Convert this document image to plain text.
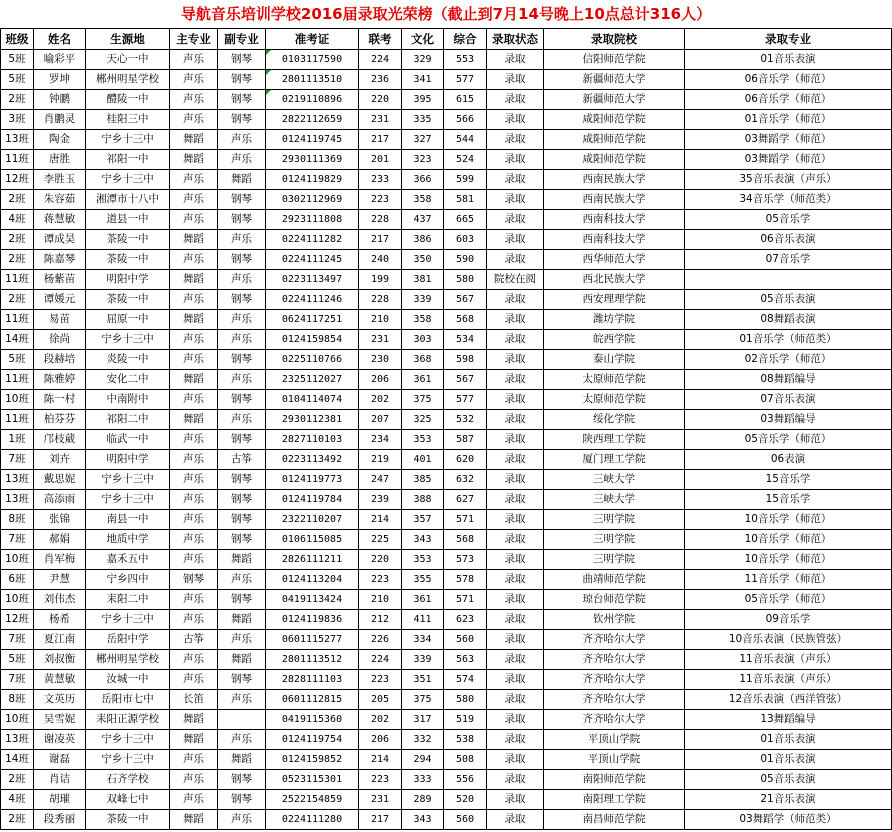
导航音乐培训学校2016届录取光荣榜（截止到7月14号晚上10点总计316人）
班级	姓名	生源地	主专业	副专业	准考证	联考	文化	综合	录取状态	录取院校	录取专业
5班	喻彩平	天心一中	声乐	钢琴	0103117590	224	329	553	录取	信阳师范学院	01音乐表演
5班	罗坤	郴州明星学校	声乐	钢琴	2801113510	236	341	577	录取	新疆师范大学	06音乐学（师范）
2班	钟鹏	醴陵一中	声乐	钢琴	0219110896	220	395	615	录取	新疆师范大学	06音乐学（师范）
3班	肖鹏灵	桂阳三中	声乐	钢琴	2822112659	231	335	566	录取	咸阳师范学院	01音乐学（师范）
13班	陶金	宁乡十三中	舞蹈	声乐	0124119745	217	327	544	录取	咸阳师范学院	03舞蹈学（师范）
11班	唐胜	祁阳一中	舞蹈	声乐	2930111369	201	323	524	录取	咸阳师范学院	03舞蹈学（师范）
12班	李胜玉	宁乡十三中	声乐	舞蹈	0124119829	233	366	599	录取	西南民族大学	35音乐表演（声乐）
2班	朱容茹	湘潭市十八中	声乐	钢琴	0302112969	223	358	581	录取	西南民族大学	34音乐学（师范类）
4班	蒋慧敏	道县一中	声乐	钢琴	2923111808	228	437	665	录取	西南科技大学	05音乐学
2班	谭成昊	茶陵一中	舞蹈	声乐	0224111282	217	386	603	录取	西南科技大学	06音乐表演
2班	陈嘉琴	茶陵一中	声乐	钢琴	0224111245	240	350	590	录取	西华师范大学	07音乐学
11班	杨紫苗	明阳中学	舞蹈	声乐	0223113497	199	381	580	院校在阅	西北民族大学	
2班	谭媛元	茶陵一中	声乐	钢琴	0224111246	228	339	567	录取	西安理理学院	05音乐表演
11班	易苗	屈原一中	舞蹈	声乐	0624117251	210	358	568	录取	潍坊学院	08舞蹈表演
14班	徐尚	宁乡十三中	声乐	声乐	0124159854	231	303	534	录取	皖西学院	01音乐学（师范类）
5班	段赫培	炎陵一中	声乐	钢琴	0225110766	230	368	598	录取	泰山学院	02音乐学（师范）
11班	陈雅婷	安化二中	舞蹈	声乐	2325112027	206	361	567	录取	太原师范学院	08舞蹈编导
10班	陈一村	中南附中	声乐	钢琴	0104114074	202	375	577	录取	太原师范学院	07音乐表演
11班	柏芬芬	祁阳二中	舞蹈	声乐	2930112381	207	325	532	录取	绥化学院	03舞蹈编导
1班	邝枝葳	临武一中	声乐	钢琴	2827110103	234	353	587	录取	陕西理工学院	05音乐学（师范）
7班	刘卉	明阳中学	声乐	古筝	0223113492	219	401	620	录取	厦门理工学院	06表演
13班	戴思妮	宁乡十三中	声乐	钢琴	0124119773	247	385	632	录取	三峡大学	15音乐学
13班	高添雨	宁乡十三中	声乐	钢琴	0124119784	239	388	627	录取	三峡大学	15音乐学
8班	张锦	南县一中	声乐	钢琴	2322110207	214	357	571	录取	三明学院	10音乐学（师范）
7班	郝娟	地质中学	声乐	钢琴	0106115085	225	343	568	录取	三明学院	10音乐学（师范）
10班	肖军梅	嘉禾五中	声乐	舞蹈	2826111211	220	353	573	录取	三明学院	10音乐学（师范）
6班	尹慧	宁乡四中	钢琴	声乐	0124113204	223	355	578	录取	曲靖师范学院	11音乐学（师范）
10班	刘伟杰	耒阳二中	声乐	钢琴	0419113424	210	361	571	录取	琼台师范学院	05音乐学（师范）
12班	杨希	宁乡十三中	声乐	舞蹈	0124119836	212	411	623	录取	钦州学院	09音乐学
7班	夏江南	岳阳中学	古筝	声乐	0601115277	226	334	560	录取	齐齐哈尔大学	10音乐表演（民族管弦）
5班	刘叔衡	郴州明星学校	声乐	舞蹈	2801113512	224	339	563	录取	齐齐哈尔大学	11音乐表演（声乐）
7班	黄慧敏	汝城一中	声乐	钢琴	2828111103	223	351	574	录取	齐齐哈尔大学	11音乐表演（声乐）
8班	文英历	岳阳市七中	长笛	声乐	0601112815	205	375	580	录取	齐齐哈尔大学	12音乐表演（西洋管弦）
10班	吴雪妮	耒阳正源学校	舞蹈		0419115360	202	317	519	录取	齐齐哈尔大学	13舞蹈编导
13班	谢凌英	宁乡十三中	舞蹈	声乐	0124119754	206	332	538	录取	平顶山学院	01音乐表演
14班	谢磊	宁乡十三中	声乐	舞蹈	0124159852	214	294	508	录取	平顶山学院	01音乐表演
2班	肖诘	石齐学校	声乐	钢琴	0523115301	223	333	556	录取	南阳师范学院	05音乐表演
4班	胡璀	双峰七中	声乐	钢琴	2522154859	231	289	520	录取	南阳理工学院	21音乐表演
2班	段秀丽	茶陵一中	舞蹈	声乐	0224111280	217	343	560	录取	南昌师范学院	03舞蹈学（师范类）
